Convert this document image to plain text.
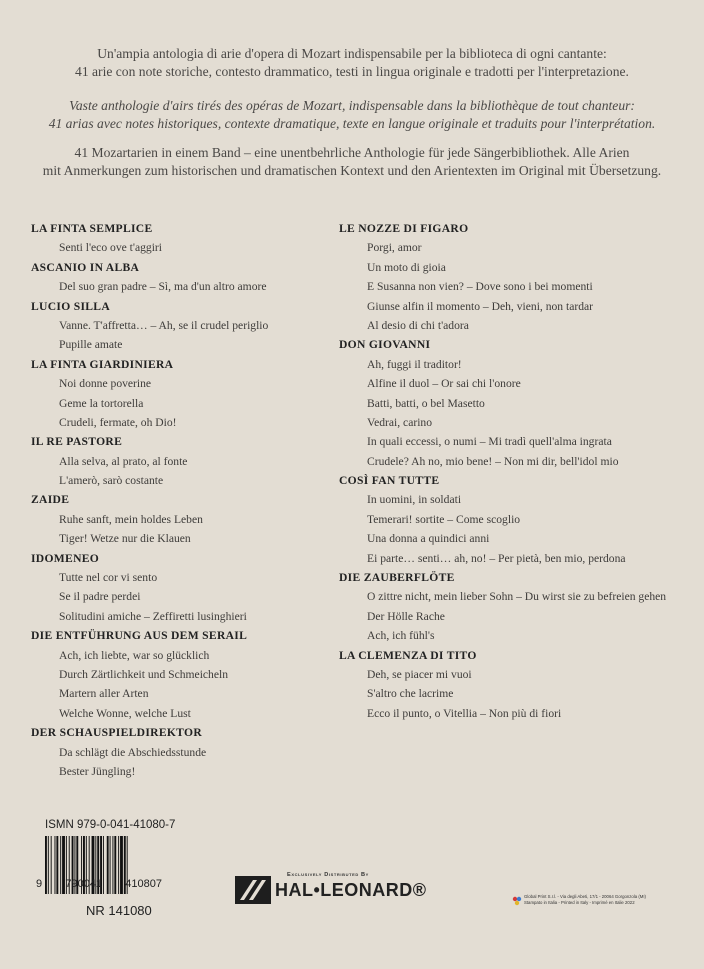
Un'ampia antologia di arie d'opera di Mozart indispensabile per la biblioteca di ogni cantante:
41 arie con note storiche, contesto drammatico, testi in lingua originale e tradotti per l'interpretazione.
Vaste anthologie d'airs tirés des opéras de Mozart, indispensable dans la bibliothèque de tout chanteur:
41 arias avec notes historiques, contexte dramatique, texte en langue originale et traduits pour l'interprétation.
41 Mozartarien in einem Band – eine unentbehrliche Anthologie für jede Sängerbibliothek. Alle Arien
mit Anmerkungen zum historischen und dramatischen Kontext und den Arientexten im Original mit Übersetzung.
LA FINTA SEMPLICE
Senti l'eco ove t'aggiri
ASCANIO IN ALBA
Del suo gran padre – Sì, ma d'un altro amore
LUCIO SILLA
Vanne. T'affretta… – Ah, se il crudel periglio
Pupille amate
LA FINTA GIARDINIERA
Noi donne poverine
Geme la tortorella
Crudeli, fermate, oh Dio!
IL RE PASTORE
Alla selva, al prato, al fonte
L'amerò, sarò costante
ZAIDE
Ruhe sanft, mein holdes Leben
Tiger! Wetze nur die Klauen
IDOMENEO
Tutte nel cor vi sento
Se il padre perdei
Solitudini amiche – Zeffiretti lusinghieri
DIE ENTFÜHRUNG AUS DEM SERAIL
Ach, ich liebte, war so glücklich
Durch Zärtlichkeit und Schmeicheln
Martern aller Arten
Welche Wonne, welche Lust
DER SCHAUSPIELDIREKTOR
Da schlägt die Abschiedsstunde
Bester Jüngling!
LE NOZZE DI FIGARO
Porgi, amor
Un moto di gioia
E Susanna non vien? – Dove sono i bei momenti
Giunse alfin il momento – Deh, vieni, non tardar
Al desio di chi t'adora
DON GIOVANNI
Ah, fuggi il traditor!
Alfine il duol – Or sai chi l'onore
Batti, batti, o bel Masetto
Vedrai, carino
In quali eccessi, o numi – Mi tradì quell'alma ingrata
Crudele? Ah no, mio bene! – Non mi dir, bell'idol mio
COSÌ FAN TUTTE
In uomini, in soldati
Temerari! sortite – Come scoglio
Una donna a quindici anni
Ei parte… senti… ah, no! – Per pietà, ben mio, perdona
DIE ZAUBERFLÖTE
O zittre nicht, mein lieber Sohn – Du wirst sie zu befreien gehen
Der Hölle Rache
Ach, ich fühl's
LA CLEMENZA DI TITO
Deh, se piacer mi vuoi
S'altro che lacrime
Ecco il punto, o Vitellia – Non più di fiori
ISMN 979-0-041-41080-7
9 790041 410807
NR 141080
Exclusively Distributed By
HAL•LEONARD®	Global Print S.r.l. - Via degli Abeti, 17/1 - 20064 Gorgonzola (MI)
Stampato in Italia - Printed in Italy - Imprimé en Italie 2022
